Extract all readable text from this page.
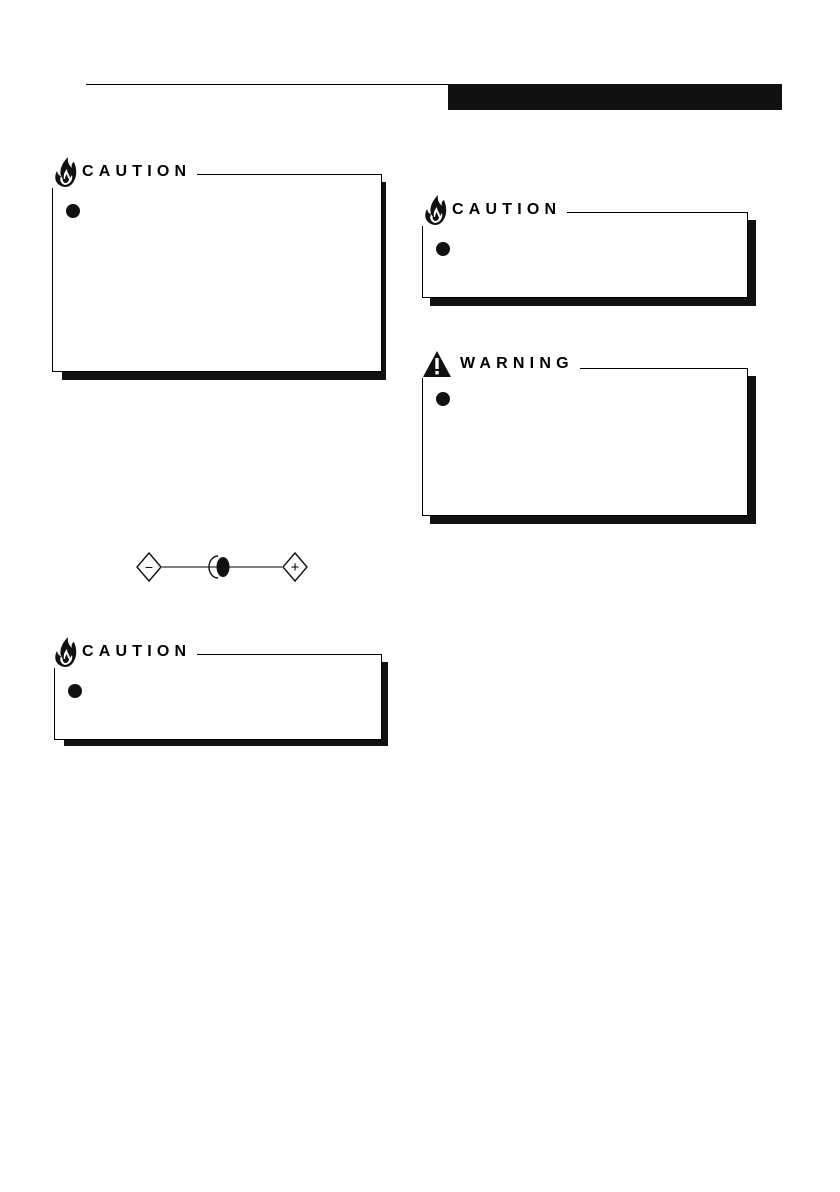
CAUTION
CAUTION
WARNING
−	+
CAUTION
